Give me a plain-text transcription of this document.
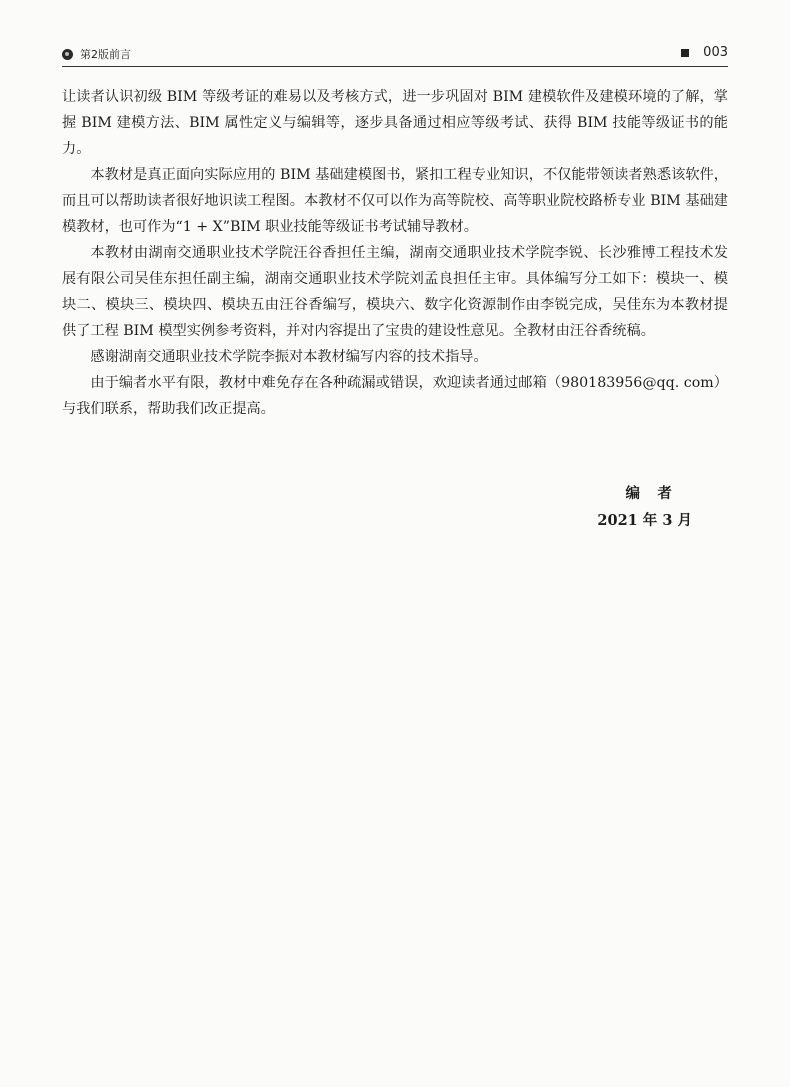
第2版前言	003

让读者认识初级 BIM 等级考证的难易以及考核方式，进一步巩固对 BIM 建模软件及建模环境的了解，掌握 BIM 建模方法、BIM 属性定义与编辑等，逐步具备通过相应等级考试、获得 BIM 技能等级证书的能力。

本教材是真正面向实际应用的 BIM 基础建模图书，紧扣工程专业知识，不仅能带领读者熟悉该软件，而且可以帮助读者很好地识读工程图。本教材不仅可以作为高等院校、高等职业院校路桥专业 BIM 基础建模教材，也可作为“1 + X”BIM 职业技能等级证书考试辅导教材。

本教材由湖南交通职业技术学院汪谷香担任主编，湖南交通职业技术学院李锐、长沙雅博工程技术发展有限公司吴佳东担任副主编，湖南交通职业技术学院刘孟良担任主审。具体编写分工如下：模块一、模块二、模块三、模块四、模块五由汪谷香编写，模块六、数字化资源制作由李锐完成，吴佳东为本教材提供了工程 BIM 模型实例参考资料，并对内容提出了宝贵的建设性意见。全教材由汪谷香统稿。

感谢湖南交通职业技术学院李振对本教材编写内容的技术指导。

由于编者水平有限，教材中难免存在各种疏漏或错误，欢迎读者通过邮箱（980183956@qq. com）与我们联系，帮助我们改正提高。

编者
2021 年 3 月
